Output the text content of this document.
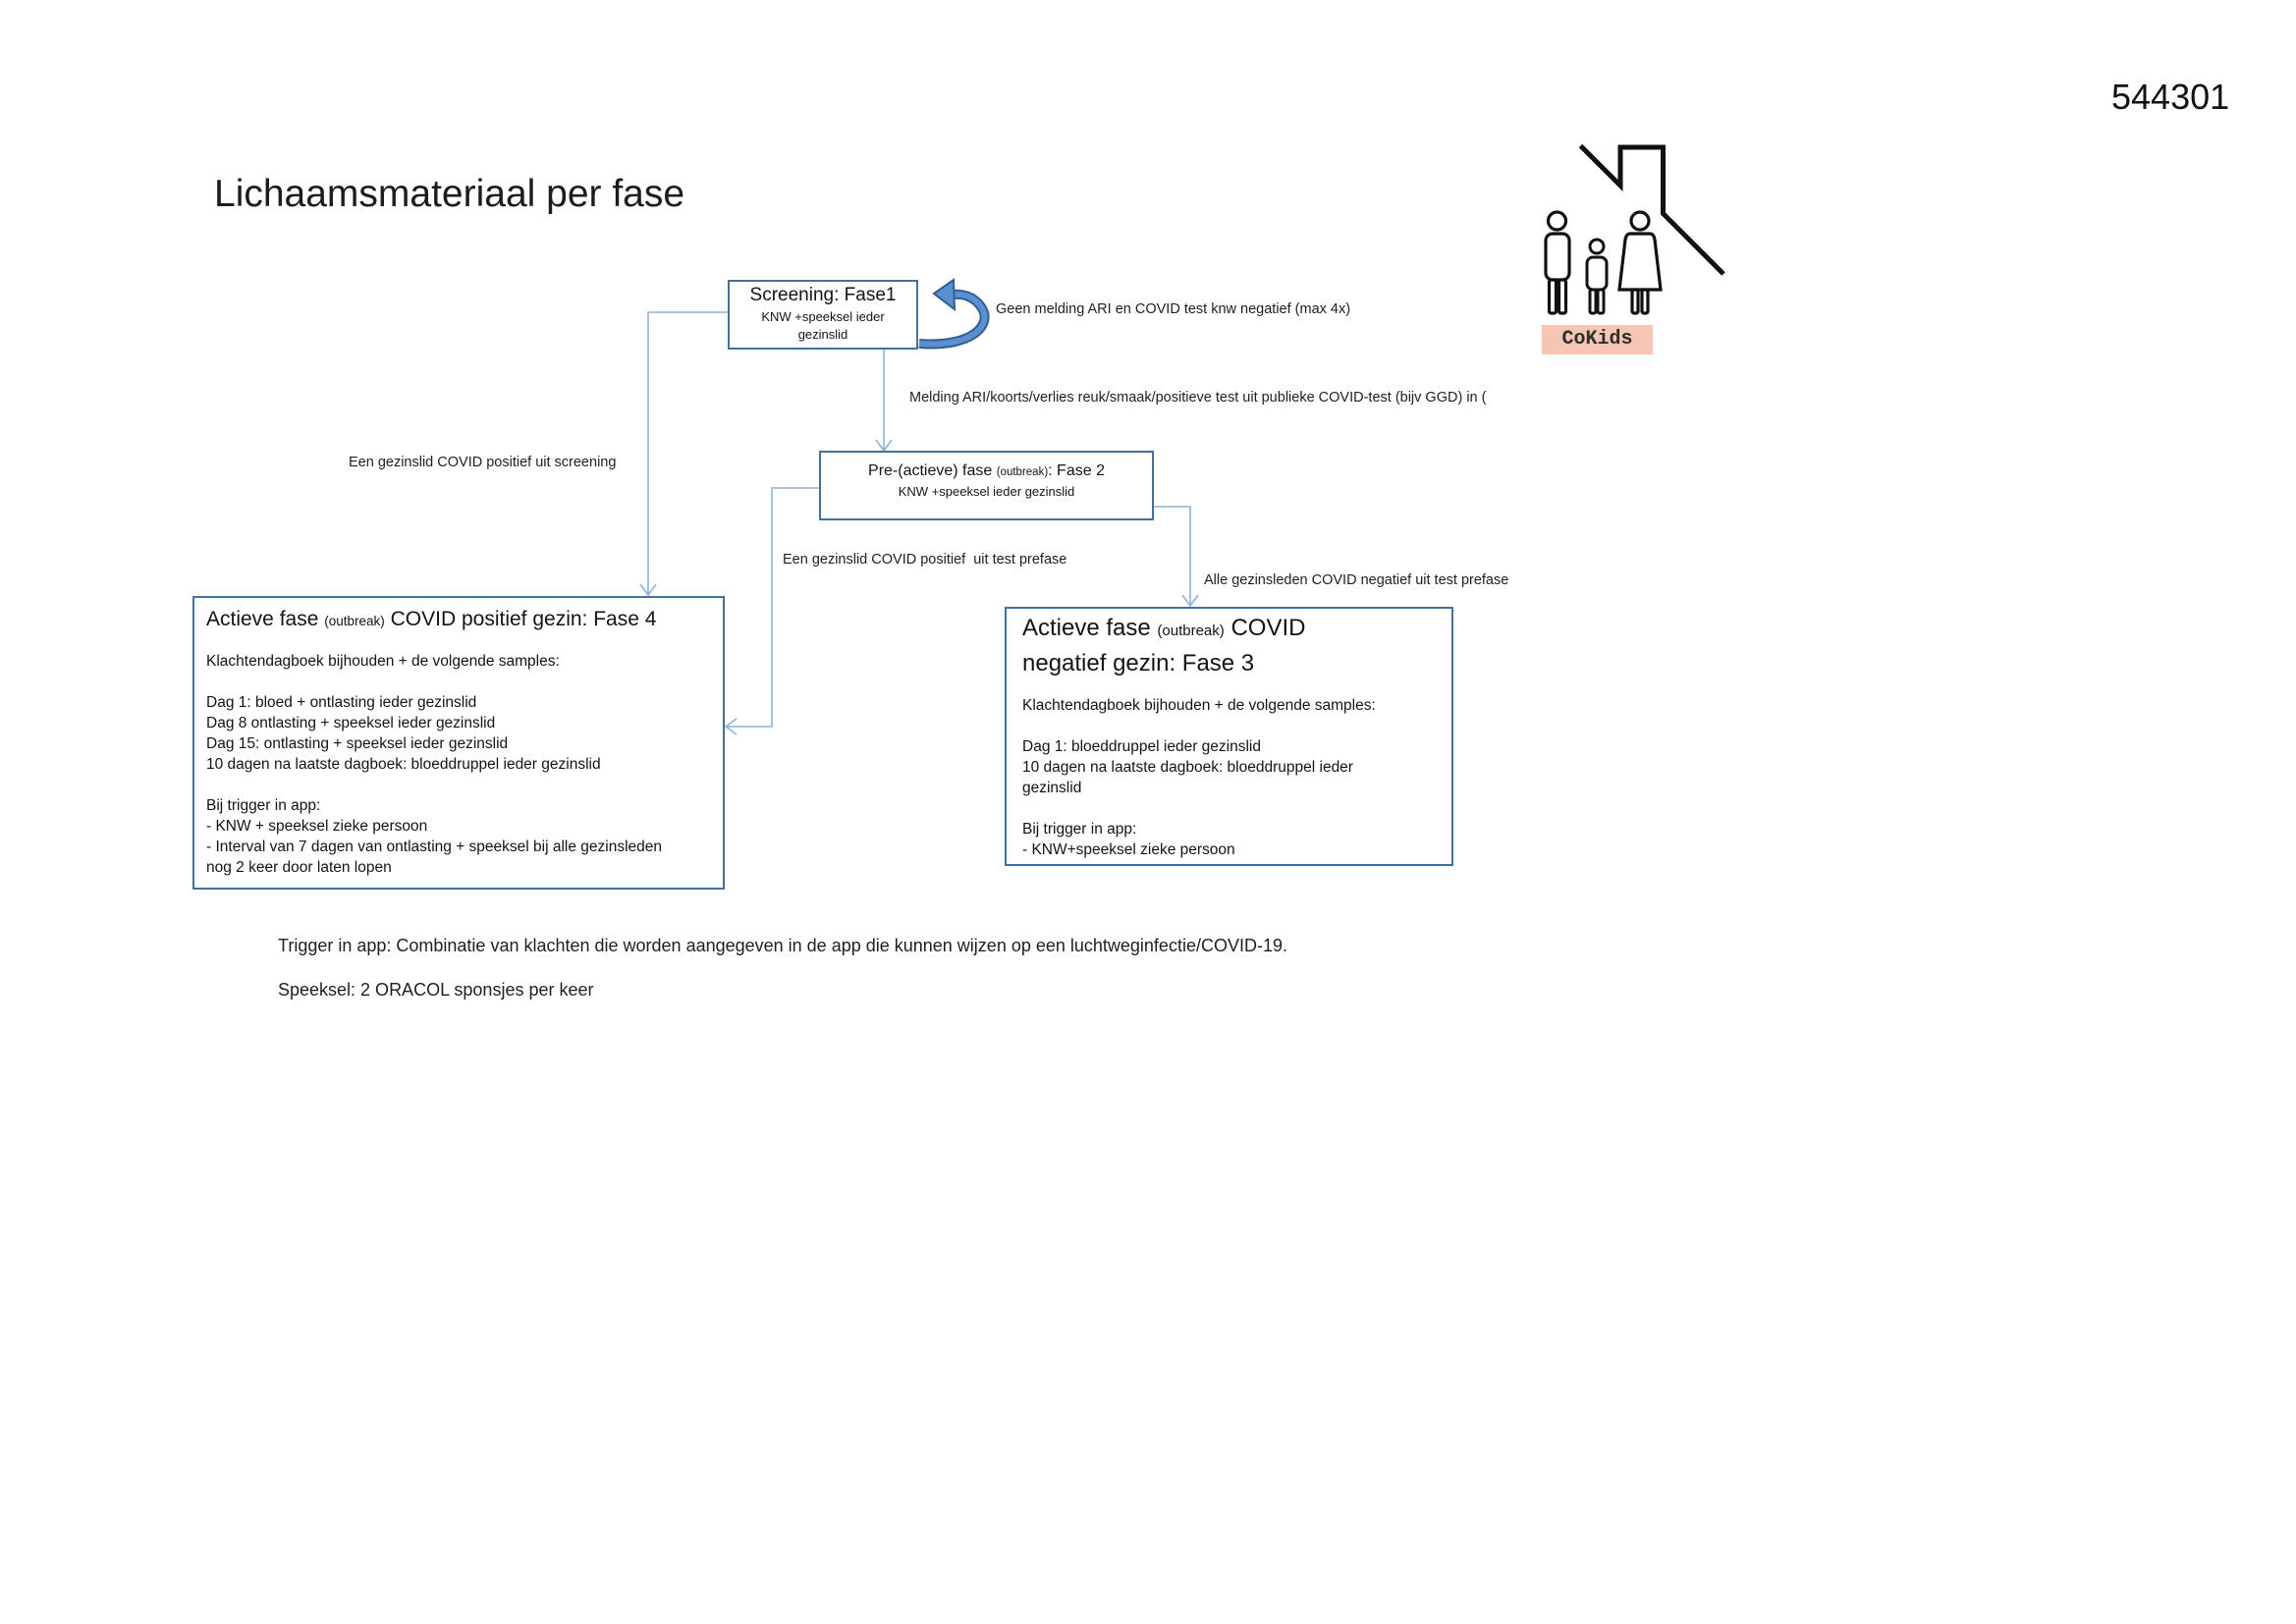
544301
Lichaamsmateriaal per fase
Geen melding ARI en COVID test knw negatief (max 4x)
Melding ARI/koorts/verlies reuk/smaak/positieve test uit publieke COVID-test (bijv GGD) in (
Een gezinslid COVID positief uit screening
Een gezinslid COVID positief  uit test prefase
Alle gezinsleden COVID negatief uit test prefase
Screening: Fase1
KNW +speeksel ieder gezinslid
Pre-(actieve) fase (outbreak): Fase 2
KNW +speeksel ieder gezinslid
Actieve fase (outbreak) COVID positief gezin: Fase 4
Klachtendagboek bijhouden + de volgende samples:
Dag 1: bloed + ontlasting ieder gezinslid
Dag 8 ontlasting + speeksel ieder gezinslid
Dag 15: ontlasting + speeksel ieder gezinslid
10 dagen na laatste dagboek: bloeddruppel ieder gezinslid
Bij trigger in app:
- KNW + speeksel zieke persoon
- Interval van 7 dagen van ontlasting + speeksel bij alle gezinsleden
nog 2 keer door laten lopen
Actieve fase (outbreak) COVID
negatief gezin: Fase 3
Klachtendagboek bijhouden + de volgende samples:
Dag 1: bloeddruppel ieder gezinslid
10 dagen na laatste dagboek: bloeddruppel ieder
gezinslid
Bij trigger in app:
- KNW+speeksel zieke persoon
Trigger in app: Combinatie van klachten die worden aangegeven in de app die kunnen wijzen op een luchtweginfectie/COVID-19.
Speeksel: 2 ORACOL sponsjes per keer
CoKids
